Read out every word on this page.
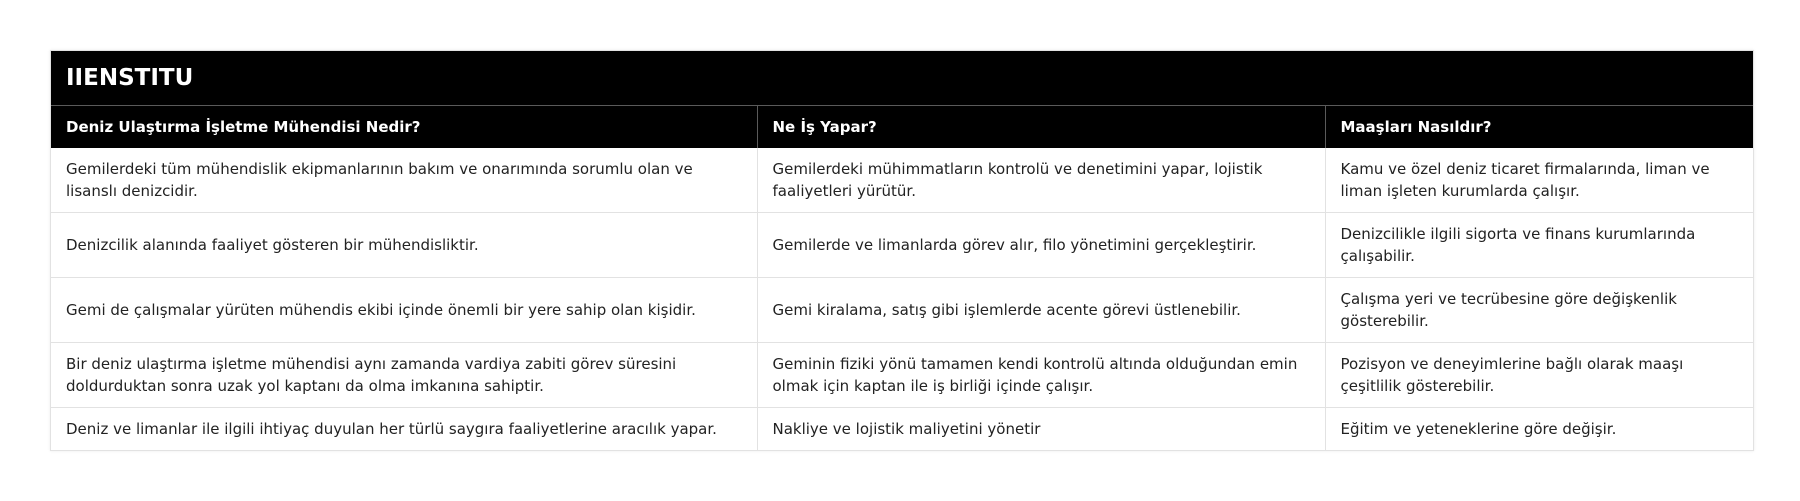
IIENSTITU		
Deniz Ulaştırma İşletme Mühendisi Nedir?	Ne İş Yapar?	Maaşları Nasıldır?
Gemilerdeki tüm mühendislik ekipmanlarının bakım ve onarımında sorumlu olan ve lisanslı denizcidir.	Gemilerdeki mühimmatların kontrolü ve denetimini yapar, lojistik faaliyetleri yürütür.	Kamu ve özel deniz ticaret firmalarında, liman ve liman işleten kurumlarda çalışır.
Denizcilik alanında faaliyet gösteren bir mühendisliktir.	Gemilerde ve limanlarda görev alır, filo yönetimini gerçekleştirir.	Denizcilikle ilgili sigorta ve finans kurumlarında çalışabilir.
Gemi de çalışmalar yürüten mühendis ekibi içinde önemli bir yere sahip olan kişidir.	Gemi kiralama, satış gibi işlemlerde acente görevi üstlenebilir.	Çalışma yeri ve tecrübesine göre değişkenlik gösterebilir.
Bir deniz ulaştırma işletme mühendisi aynı zamanda vardiya zabiti görev süresini doldurduktan sonra uzak yol kaptanı da olma imkanına sahiptir.	Geminin fiziki yönü tamamen kendi kontrolü altında olduğundan emin olmak için kaptan ile iş birliği içinde çalışır.	Pozisyon ve deneyimlerine bağlı olarak maaşı çeşitlilik gösterebilir.
Deniz ve limanlar ile ilgili ihtiyaç duyulan her türlü saygıra faaliyetlerine aracılık yapar.	Nakliye ve lojistik maliyetini yönetir	Eğitim ve yeteneklerine göre değişir.
